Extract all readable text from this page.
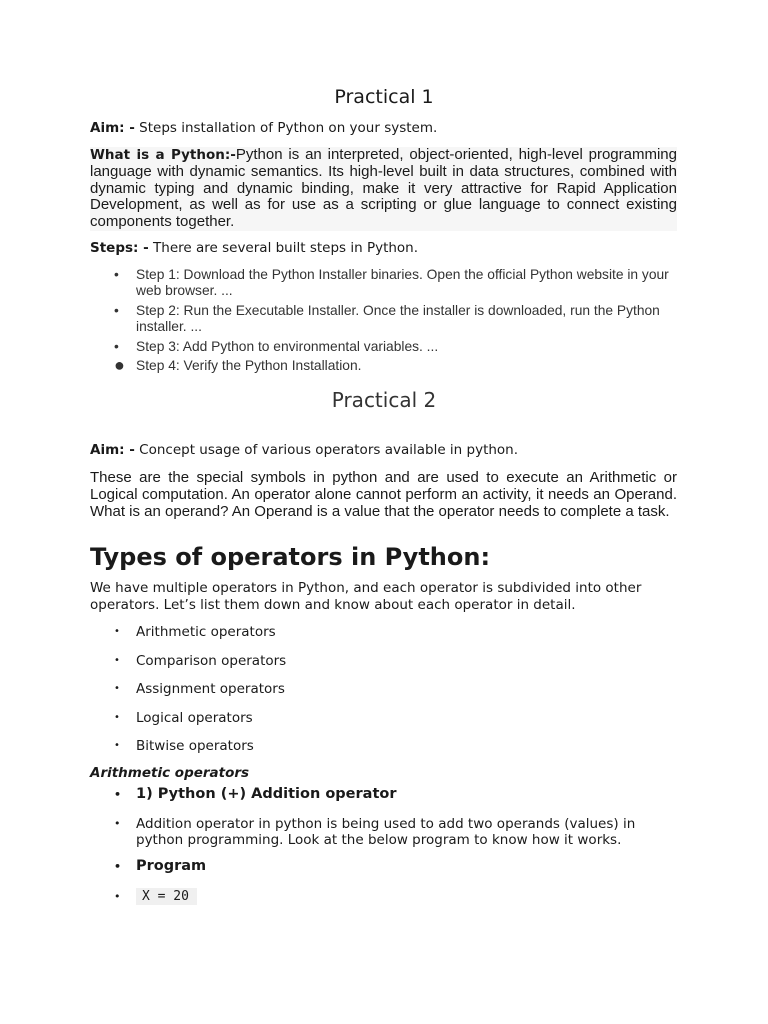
Practical 1
Aim: - Steps installation of Python on your system.
What is a Python:-Python is an interpreted, object-oriented, high-level programming language with dynamic semantics. Its high-level built in data structures, combined with dynamic typing and dynamic binding, make it very attractive for Rapid Application Development, as well as for use as a scripting or glue language to connect existing components together.
Steps: - There are several built steps in Python.
• Step 1: Download the Python Installer binaries. Open the official Python website in your web browser. ...
• Step 2: Run the Executable Installer. Once the installer is downloaded, run the Python installer. ...
• Step 3: Add Python to environmental variables. ...
● Step 4: Verify the Python Installation.
Practical 2
Aim: - Concept usage of various operators available in python.
These are the special symbols in python and are used to execute an Arithmetic or Logical computation. An operator alone cannot perform an activity, it needs an Operand. What is an operand? An Operand is a value that the operator needs to complete a task.
Types of operators in Python:
We have multiple operators in Python, and each operator is subdivided into other operators. Let’s list them down and know about each operator in detail.
• Arithmetic operators
• Comparison operators
• Assignment operators
• Logical operators
• Bitwise operators
Arithmetic operators
• 1) Python (+) Addition operator
• Addition operator in python is being used to add two operands (values) in python programming. Look at the below program to know how it works.
• Program
• X = 20
